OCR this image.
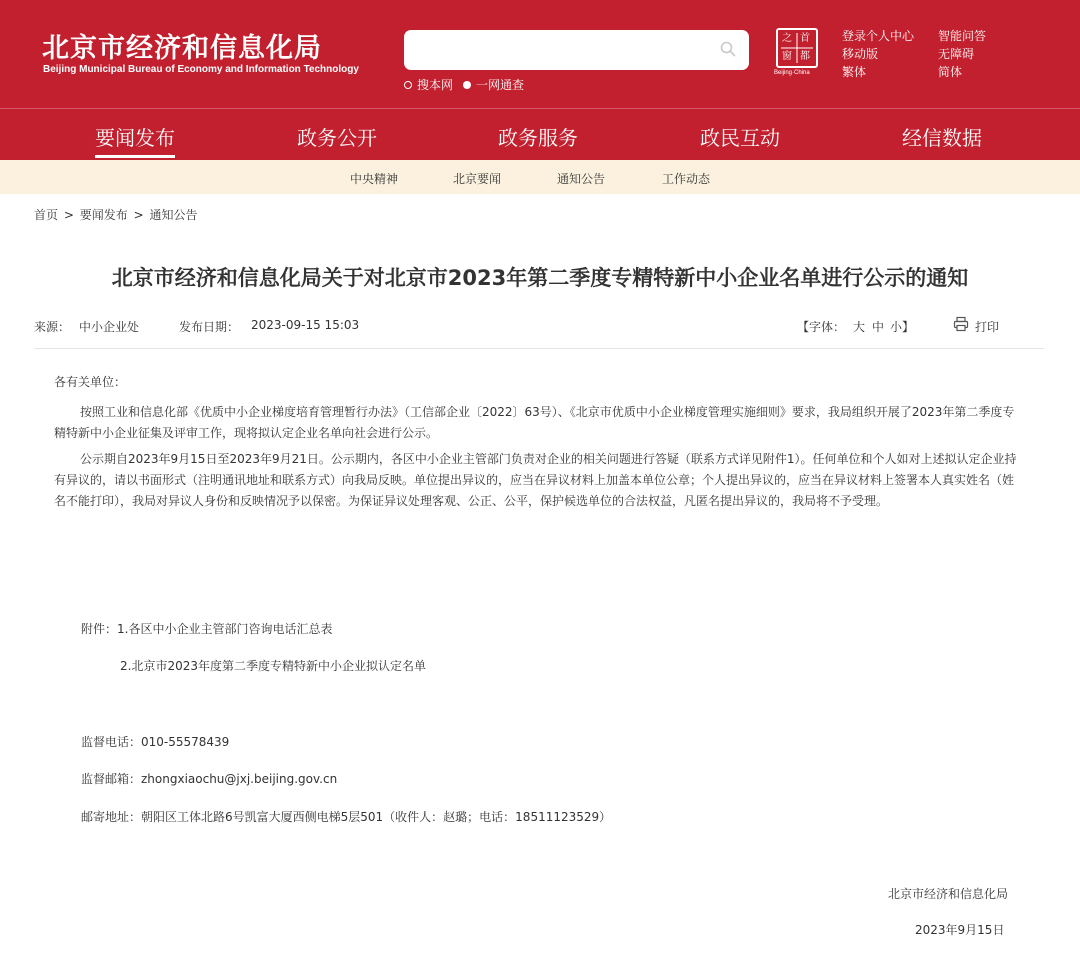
北京市经济和信息化局
Beijing Municipal Bureau of Economy and Information Technology
搜本网 一网通查
首
都
之
窗
Beijing·China
登录个人中心 智能问答
移动版	无障碍
繁体	简体
要闻发布	政务公开	政务服务	政民互动	经信数据
中央精神	北京要闻	通知公告	工作动态
首页 > 要闻发布 > 通知公告
北京市经济和信息化局关于对北京市2023年第二季度专精特新中小企业名单进行公示的通知
来源： 中小企业处	发布日期： 2023-09-15 15:03	【字体： 大 中 小 】	打印
各有关单位：
按照工业和信息化部《优质中小企业梯度培育管理暂行办法》（工信部企业〔2022〕63号）、《北京市优质中小企业梯度管理实施细则》要求，我局组织开展了2023年第二季度专精特新中小企业征集及评审工作，现将拟认定企业名单向社会进行公示。
公示期自2023年9月15日至2023年9月21日。公示期内，各区中小企业主管部门负责对企业的相关问题进行答疑（联系方式详见附件1）。任何单位和个人如对上述拟认定企业持有异议的，请以书面形式（注明通讯地址和联系方式）向我局反映。单位提出异议的，应当在异议材料上加盖本单位公章；个人提出异议的，应当在异议材料上签署本人真实姓名（姓名不能打印），我局对异议人身份和反映情况予以保密。为保证异议处理客观、公正、公平，保护候选单位的合法权益，凡匿名提出异议的，我局将不予受理。
附件：1.各区中小企业主管部门咨询电话汇总表
2.北京市2023年度第二季度专精特新中小企业拟认定名单
监督电话：010-55578439
监督邮箱：zhongxiaochu@jxj.beijing.gov.cn
邮寄地址：朝阳区工体北路6号凯富大厦西侧电梯5层501（收件人：赵璐；电话：18511123529）
北京市经济和信息化局
2023年9月15日
